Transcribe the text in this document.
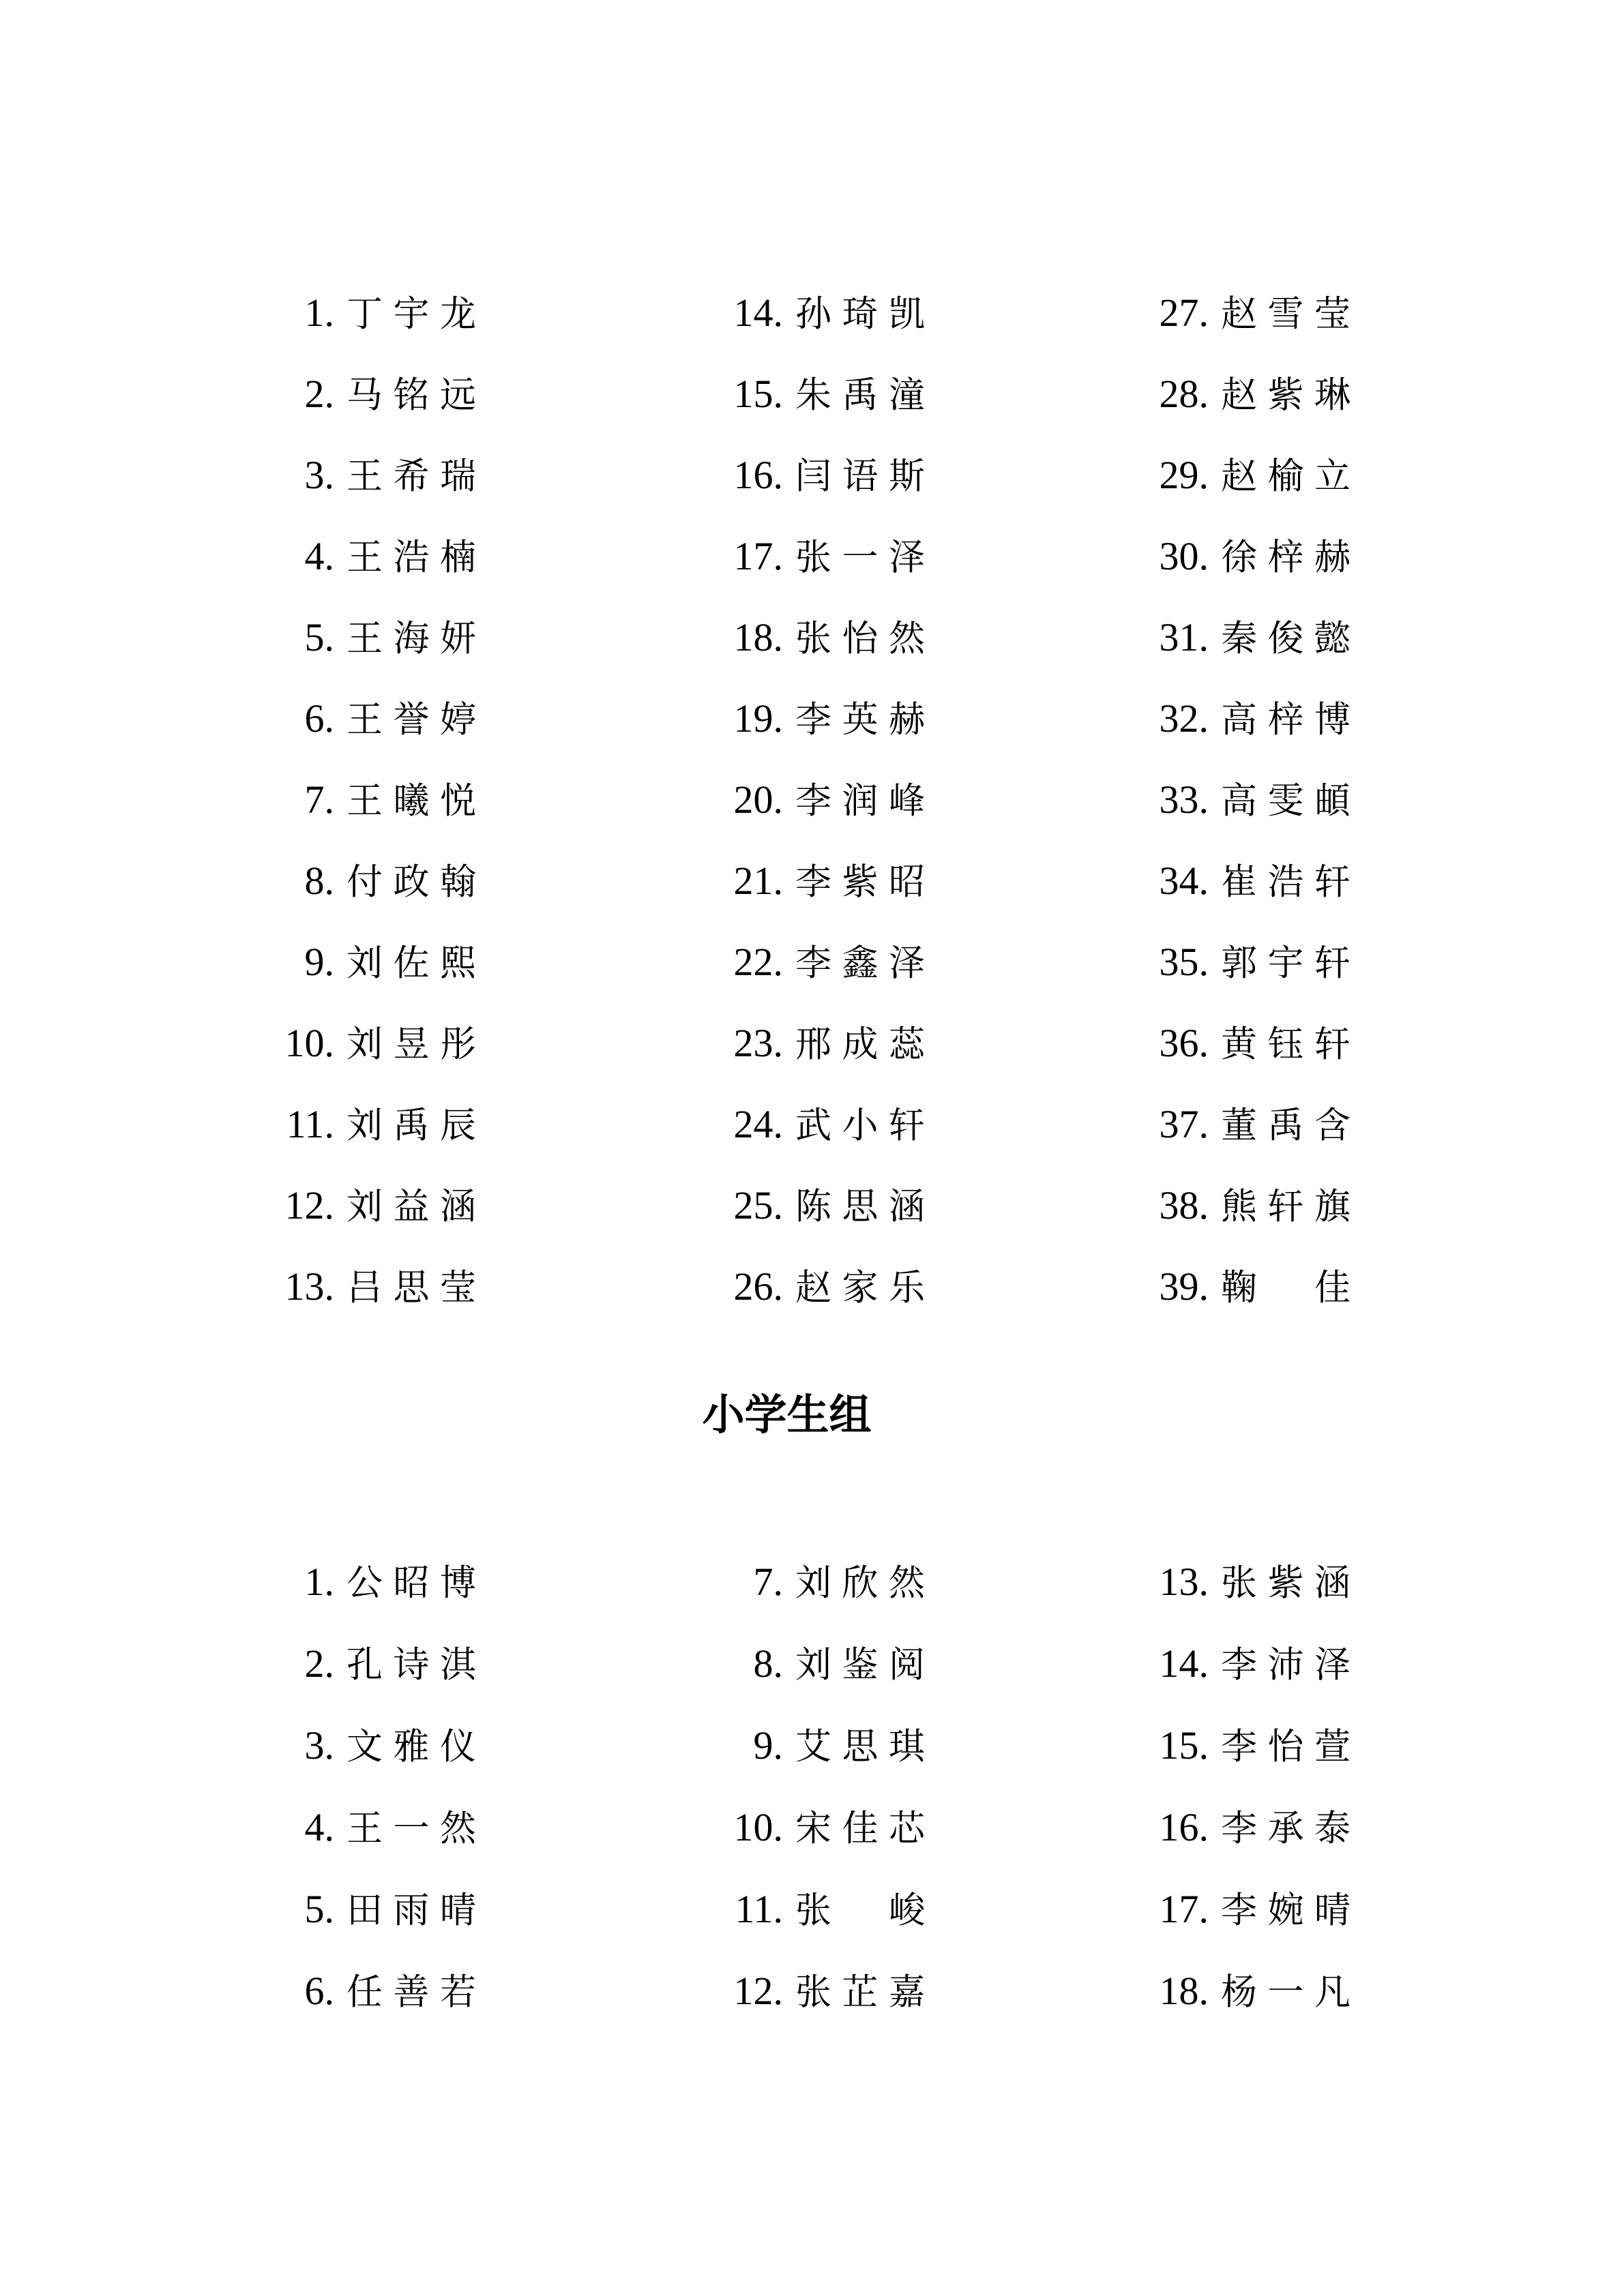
1. 丁宇龙
2. 马铭远
3. 王希瑞
4. 王浩楠
5. 王海妍
6. 王誉婷
7. 王曦悦
8. 付政翰
9. 刘佐熙
10. 刘昱彤
11. 刘禹辰
12. 刘益涵
13. 吕思莹
14. 孙琦凯
15. 朱禹潼
16. 闫语斯
17. 张一泽
18. 张怡然
19. 李英赫
20. 李润峰
21. 李紫昭
22. 李鑫泽
23. 邢成蕊
24. 武小轩
25. 陈思涵
26. 赵家乐
27. 赵雪莹
28. 赵紫琳
29. 赵榆立
30. 徐梓赫
31. 秦俊懿
32. 高梓博
33. 高雯頔
34. 崔浩轩
35. 郭宇轩
36. 黄钰轩
37. 董禹含
38. 熊轩旗
39. 鞠佳
小学生组
1. 公昭博
2. 孔诗淇
3. 文雅仪
4. 王一然
5. 田雨晴
6. 任善若
7. 刘欣然
8. 刘鉴阅
9. 艾思琪
10. 宋佳芯
11. 张峻
12. 张芷嘉
13. 张紫涵
14. 李沛泽
15. 李怡萱
16. 李承泰
17. 李婉晴
18. 杨一凡
